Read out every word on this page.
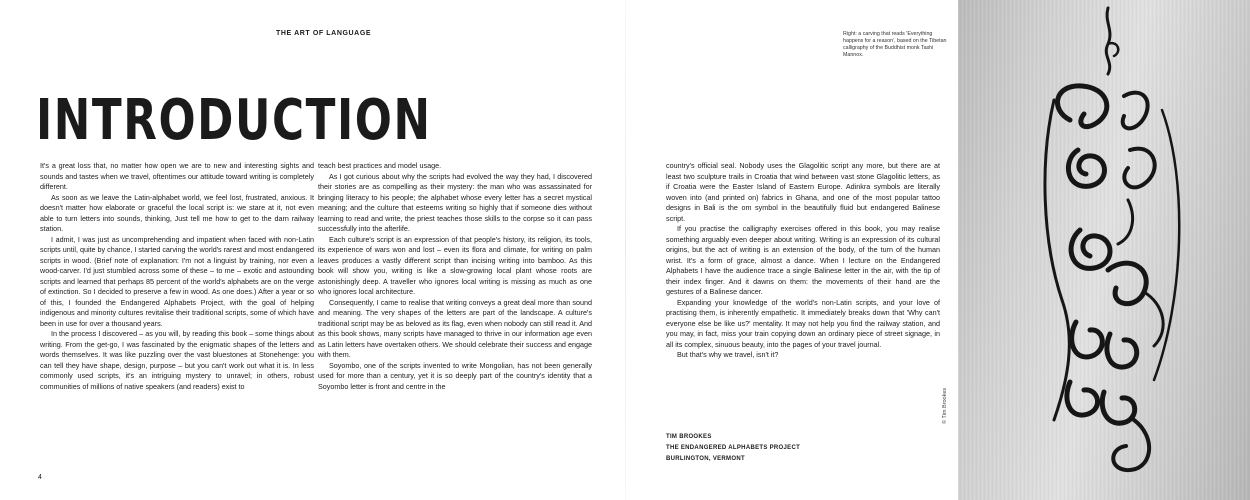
THE ART OF LANGUAGE	Right: a carving that reads 'Everything happens for a reason', based on the Tibetan calligraphy of the Buddhist monk Tashi Mannox.
INTRODUCTION

It's a great loss that, no matter how open we are to new and interesting sights and sounds and tastes when we travel, oftentimes our attitude toward writing is completely different.

As soon as we leave the Latin-alphabet world, we feel lost, frustrated, anxious. It doesn't matter how elaborate or graceful the local script is: we stare at it, not even able to turn letters into sounds, thinking, Just tell me how to get to the darn railway station.

I admit, I was just as uncomprehending and impatient when faced with non-Latin scripts until, quite by chance, I started carving the world's rarest and most endangered scripts in wood. (Brief note of explanation: I'm not a linguist by training, nor even a wood-carver. I'd just stumbled across some of these – to me – exotic and astounding scripts and learned that perhaps 85 percent of the world's alphabets are on the verge of extinction. So I decided to preserve a few in wood. As one does.) After a year or so of this, I founded the Endangered Alphabets Project, with the goal of helping indigenous and minority cultures revitalise their traditional scripts, some of which have been in use for over a thousand years.

In the process I discovered – as you will, by reading this book – some things about writing. From the get-go, I was fascinated by the enigmatic shapes of the letters and words themselves. It was like puzzling over the vast bluestones at Stonehenge: you can tell they have shape, design, purpose – but you can't work out what it is. In less commonly used scripts, it's an intriguing mystery to unravel; in others, robust communities of millions of native speakers (and readers) exist to

teach best practices and model usage.

As I got curious about why the scripts had evolved the way they had, I discovered their stories are as compelling as their mystery: the man who was assassinated for bringing literacy to his people; the alphabet whose every letter has a secret mystical meaning; and the culture that esteems writing so highly that if someone dies without learning to read and write, the priest teaches those skills to the corpse so it can pass successfully into the afterlife.

Each culture's script is an expression of that people's history, its religion, its tools, its experience of wars won and lost – even its flora and climate, for writing on palm leaves produces a vastly different script than incising writing into bamboo. As this book will show you, writing is like a slow-growing local plant whose roots are astonishingly deep. A traveller who ignores local writing is missing as much as one who ignores local architecture.

Consequently, I came to realise that writing conveys a great deal more than sound and meaning. The very shapes of the letters are part of the landscape. A culture's traditional script may be as beloved as its flag, even when nobody can still read it. And as this book shows, many scripts have managed to thrive in our information age even as Latin letters have overtaken others. We should celebrate their success and engage with them.

Soyombo, one of the scripts invented to write Mongolian, has not been generally used for more than a century, yet it is so deeply part of the country's identity that a Soyombo letter is front and centre in the

country's official seal. Nobody uses the Glagolitic script any more, but there are at least two sculpture trails in Croatia that wind between vast stone Glagolitic letters, as if Croatia were the Easter Island of Eastern Europe. Adinkra symbols are literally woven into (and printed on) fabrics in Ghana, and one of the most popular tattoo designs in Bali is the om symbol in the beautifully fluid but endangered Balinese script.

If you practise the calligraphy exercises offered in this book, you may realise something arguably even deeper about writing. Writing is an expression of its cultural origins, but the act of writing is an extension of the body, of the turn of the human wrist. It's a form of grace, almost a dance. When I lecture on the Endangered Alphabets I have the audience trace a single Balinese letter in the air, with the tip of their index finger. And it dawns on them: the movements of their hand are the gestures of a Balinese dancer.

Expanding your knowledge of the world's non-Latin scripts, and your love of practising them, is inherently empathetic. It immediately breaks down that 'Why can't everyone else be like us?' mentality. It may not help you find the railway station, and you may, in fact, miss your train copying down an ordinary piece of street signage, in all its complex, sinuous beauty, into the pages of your travel journal.

But that's why we travel, isn't it?

TIM BROOKES
THE ENDANGERED ALPHABETS PROJECT
BURLINGTON, VERMONT
4
© Tim Brookes
